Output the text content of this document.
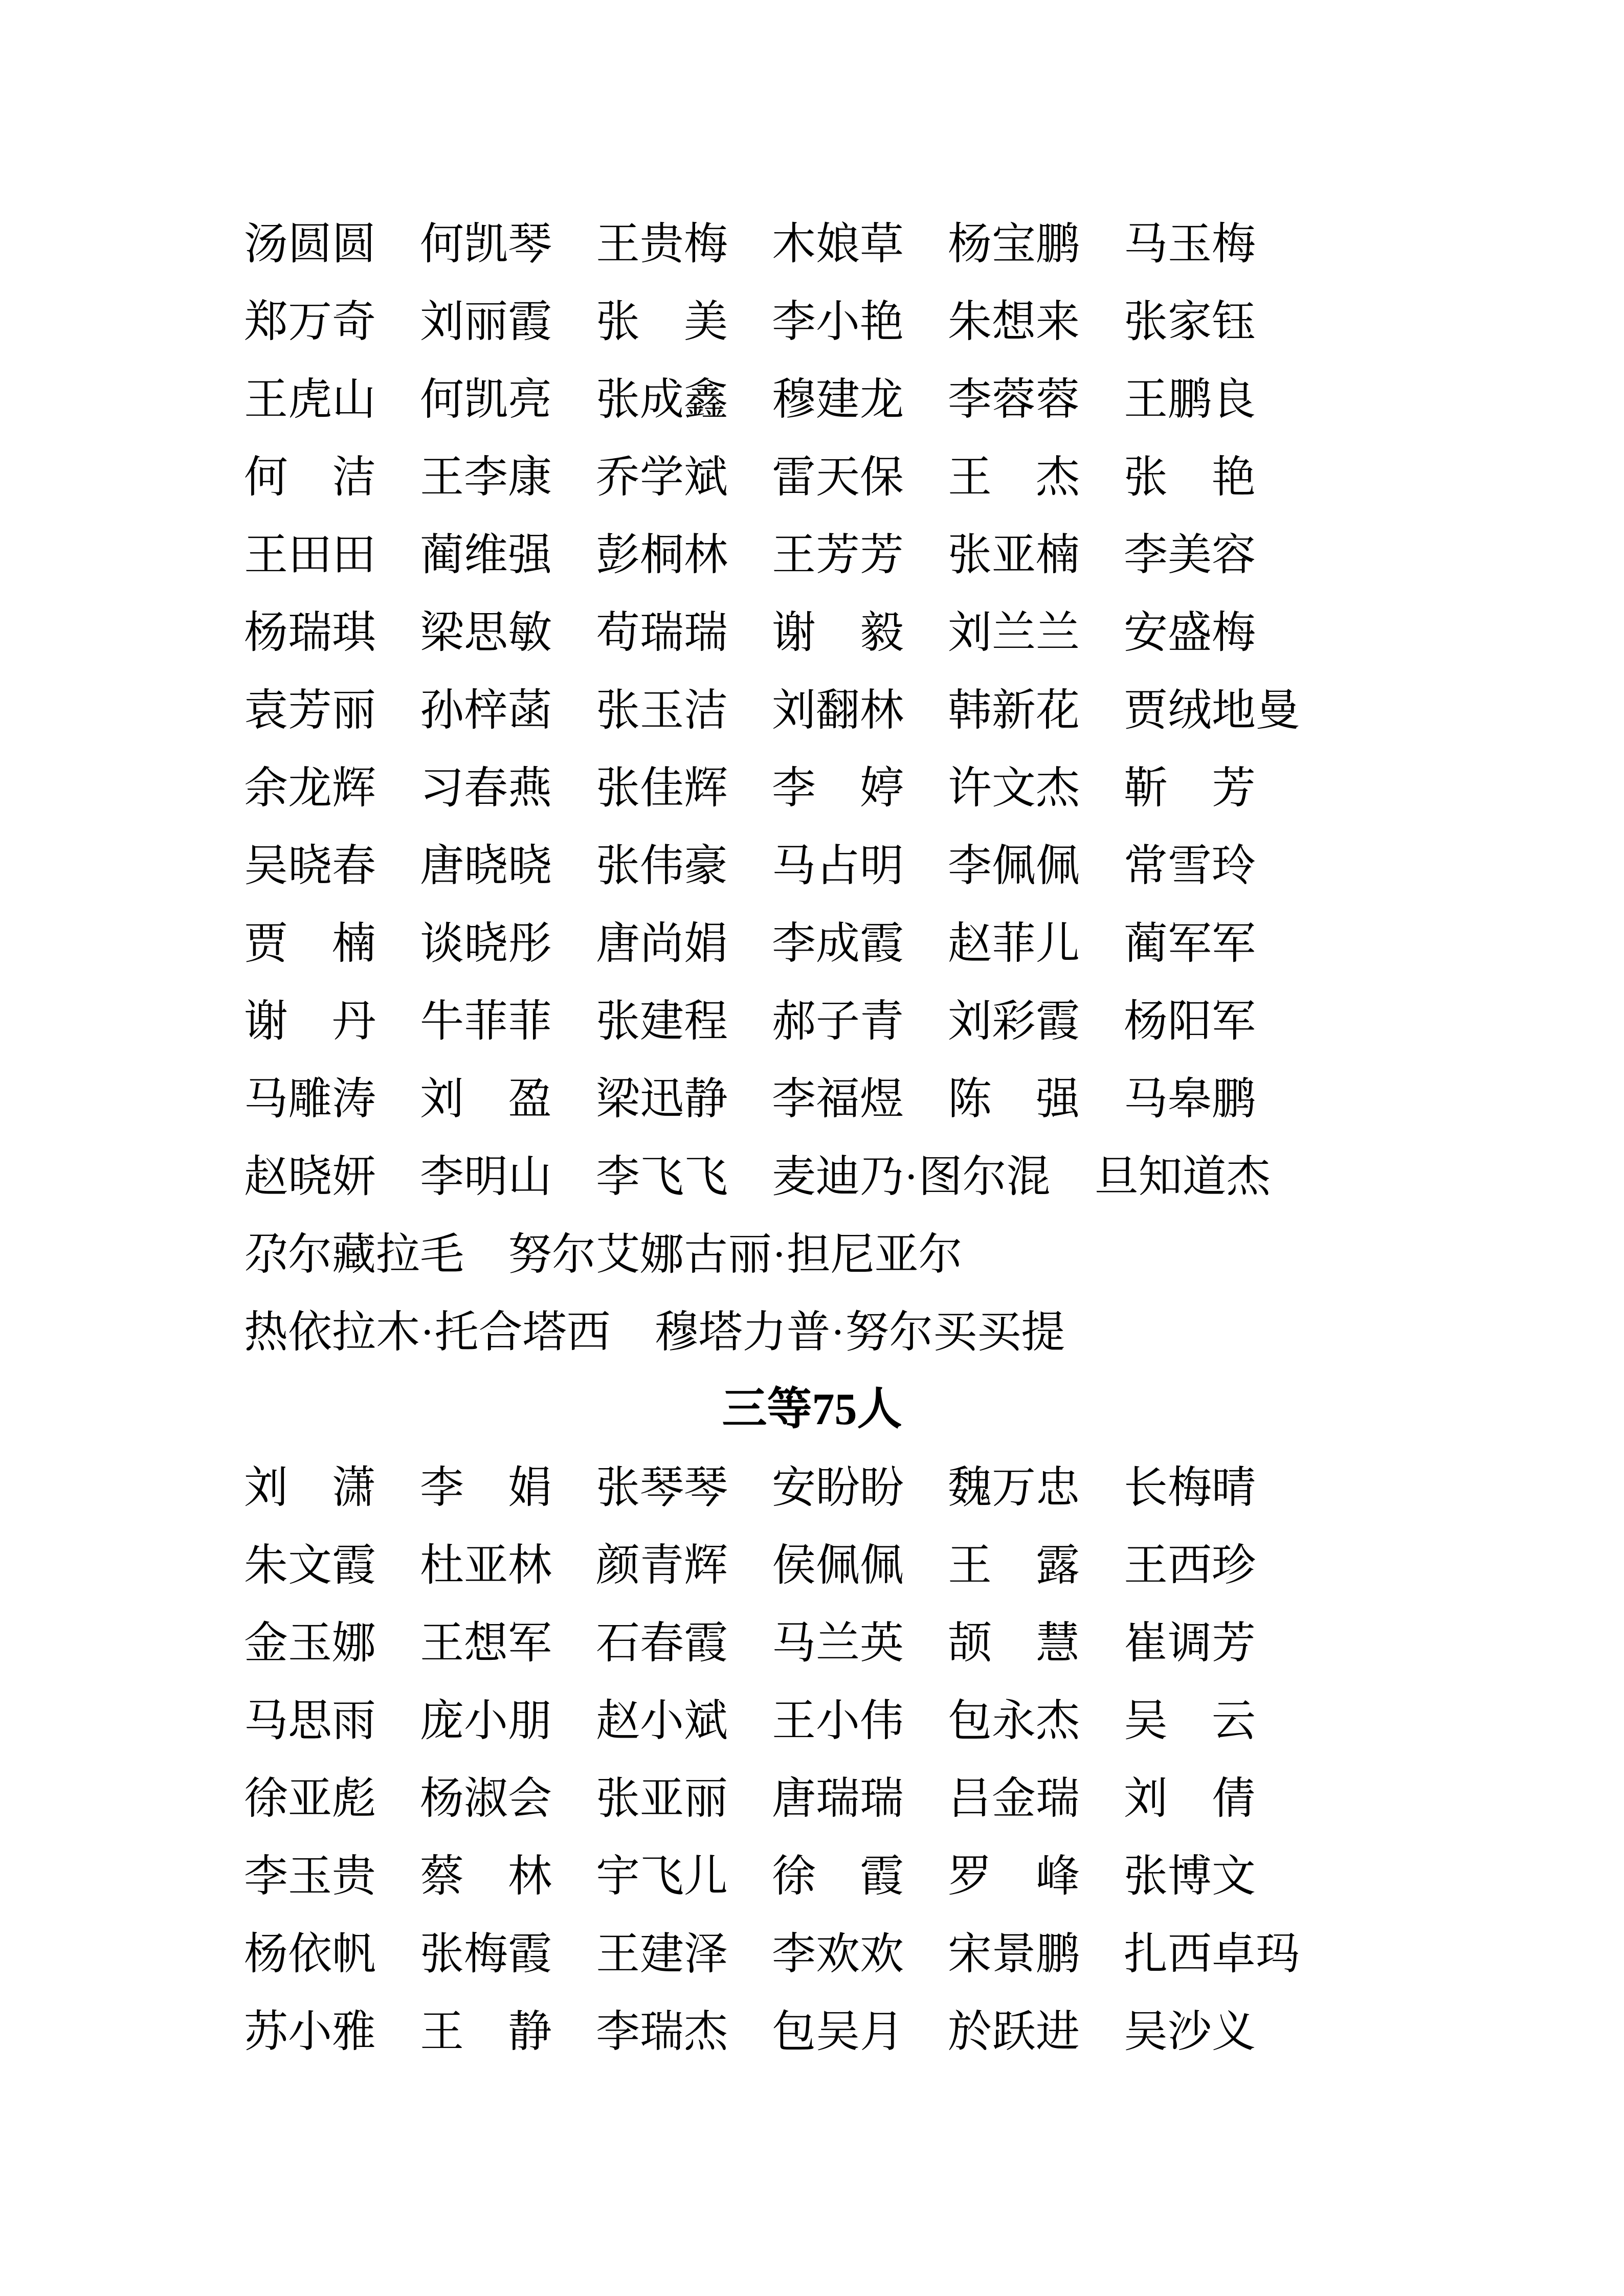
汤圆圆 何凯琴 王贵梅 木娘草 杨宝鹏 马玉梅
郑万奇 刘丽霞 张 美 李小艳 朱想来 张家钰
王虎山 何凯亮 张成鑫 穆建龙 李蓉蓉 王鹏良
何 洁 王李康 乔学斌 雷天保 王 杰 张 艳
王田田 蔺维强 彭桐林 王芳芳 张亚楠 李美容
杨瑞琪 梁思敏 苟瑞瑞 谢 毅 刘兰兰 安盛梅
袁芳丽 孙梓菡 张玉洁 刘翻林 韩新花 贾绒地曼
余龙辉 习春燕 张佳辉 李 婷 许文杰 靳 芳
吴晓春 唐晓晓 张伟豪 马占明 李佩佩 常雪玲
贾 楠 谈晓彤 唐尚娟 李成霞 赵菲儿 蔺军军
谢 丹 牛菲菲 张建程 郝子青 刘彩霞 杨阳军
马雕涛 刘 盈 梁迅静 李福煜 陈 强 马皋鹏
赵晓妍 李明山 李飞飞 麦迪乃·图尔混 旦知道杰
尕尔藏拉毛 努尔艾娜古丽·担尼亚尔
热依拉木·托合塔西 穆塔力普·努尔买买提
三等75人
刘 潇 李 娟 张琴琴 安盼盼 魏万忠 长梅晴
朱文霞 杜亚林 颜青辉 侯佩佩 王 露 王西珍
金玉娜 王想军 石春霞 马兰英 颉 慧 崔调芳
马思雨 庞小朋 赵小斌 王小伟 包永杰 吴 云
徐亚彪 杨淑会 张亚丽 唐瑞瑞 吕金瑞 刘 倩
李玉贵 蔡 林 宇飞儿 徐 霞 罗 峰 张博文
杨依帆 张梅霞 王建泽 李欢欢 宋景鹏 扎西卓玛
苏小雅 王 静 李瑞杰 包吴月 於跃进 吴沙义
